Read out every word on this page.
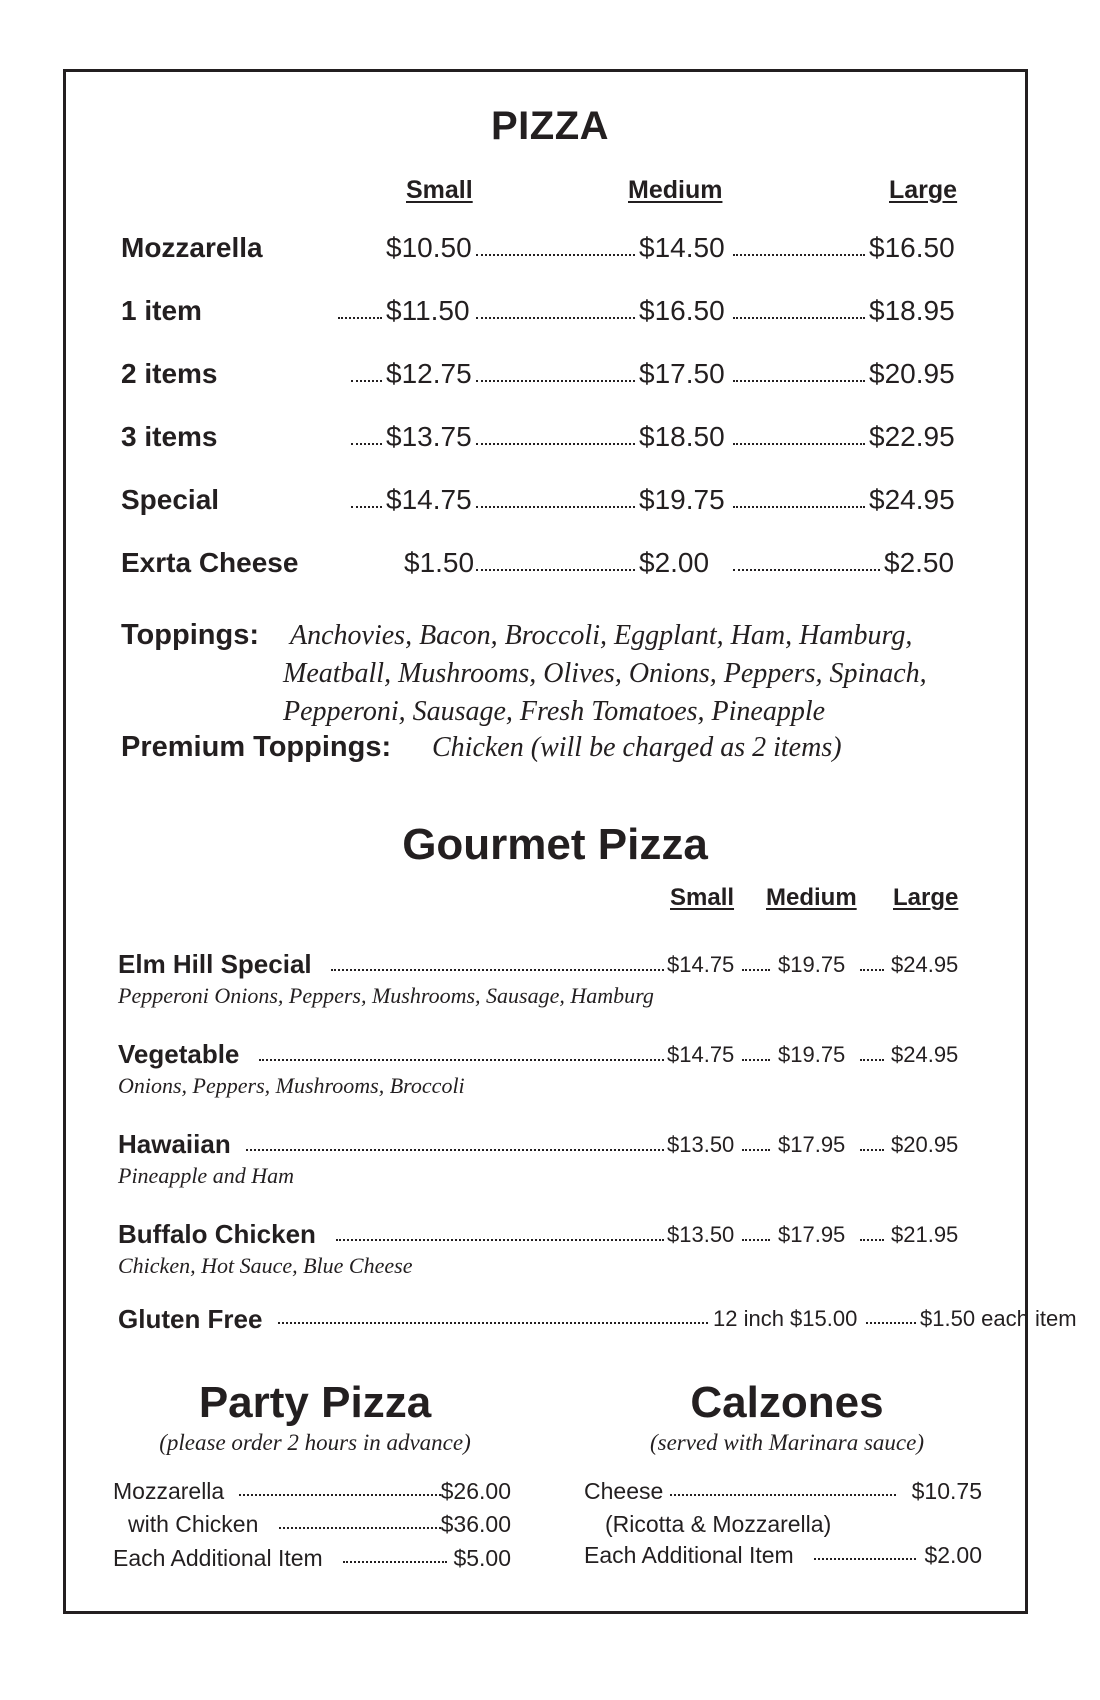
PIZZA
Small	Medium	Large
Mozzarella	$10.50	$14.50	$16.50
1 item	$11.50	$16.50	$18.95
2 items	$12.75	$17.50	$20.95
3 items	$13.75	$18.50	$22.95
Special	$14.75	$19.75	$24.95
Exrta Cheese	$1.50	$2.00	$2.50
Toppings: Anchovies, Bacon, Broccoli, Eggplant, Ham, Hamburg,
Meatball, Mushrooms, Olives, Onions, Peppers, Spinach,
Pepperoni, Sausage, Fresh Tomatoes, Pineapple
Premium Toppings: Chicken (will be charged as 2 items)
Gourmet Pizza
Small Medium Large
Elm Hill Special	$14.75 $19.75 $24.95
Pepperoni Onions, Peppers, Mushrooms, Sausage, Hamburg
Vegetable	$14.75 $19.75 $24.95
Onions, Peppers, Mushrooms, Broccoli
Hawaiian	$13.50 $17.95 $20.95
Pineapple and Ham
Buffalo Chicken	$13.50 $17.95 $21.95
Chicken, Hot Sauce, Blue Cheese
Gluten Free	12 inch $15.00	$1.50 each item
Party Pizza
(please order 2 hours in advance)
Mozzarella	$26.00
with Chicken	$36.00
Each Additional Item	$5.00
Calzones
(served with Marinara sauce)
Cheese	$10.75
(Ricotta & Mozzarella)
Each Additional Item	$2.00
